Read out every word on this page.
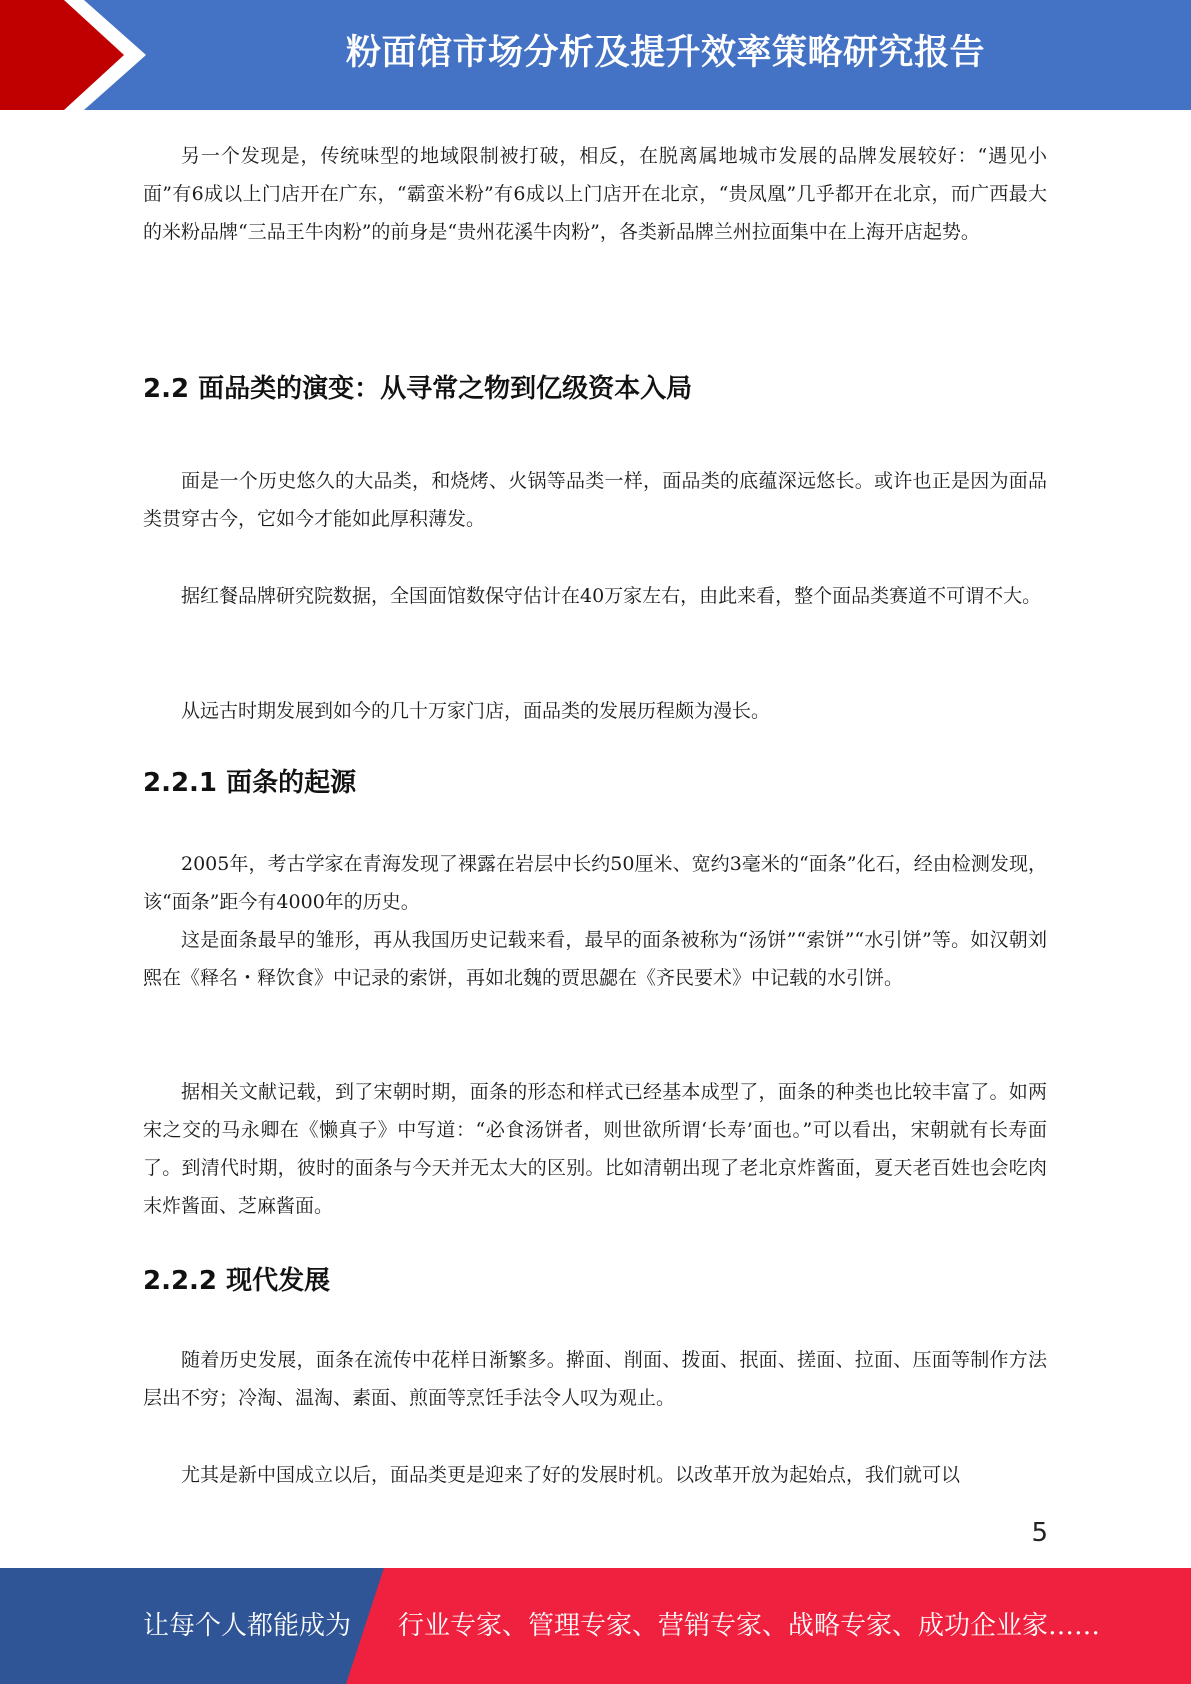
粉面馆市场分析及提升效率策略研究报告

另一个发现是，传统味型的地域限制被打破，相反，在脱离属地城市发展的品牌发展较好：“遇见小面”有6成以上门店开在广东，“霸蛮米粉”有6成以上门店开在北京，“贵凤凰”几乎都开在北京，而广西最大的米粉品牌“三品王牛肉粉”的前身是“贵州花溪牛肉粉”，各类新品牌兰州拉面集中在上海开店起势。

2.2 面品类的演变：从寻常之物到亿级资本入局

面是一个历史悠久的大品类，和烧烤、火锅等品类一样，面品类的底蕴深远悠长。或许也正是因为面品类贯穿古今，它如今才能如此厚积薄发。

据红餐品牌研究院数据，全国面馆数保守估计在40万家左右，由此来看，整个面品类赛道不可谓不大。

从远古时期发展到如今的几十万家门店，面品类的发展历程颇为漫长。

2.2.1 面条的起源

2005年，考古学家在青海发现了裸露在岩层中长约50厘米、宽约3毫米的“面条”化石，经由检测发现，该“面条”距今有4000年的历史。

这是面条最早的雏形，再从我国历史记载来看，最早的面条被称为“汤饼”“索饼”“水引饼”等。如汉朝刘熙在《释名・释饮食》中记录的索饼，再如北魏的贾思勰在《齐民要术》中记载的水引饼。

据相关文献记载，到了宋朝时期，面条的形态和样式已经基本成型了，面条的种类也比较丰富了。如两宋之交的马永卿在《懒真子》中写道：“必食汤饼者，则世欲所谓‘长寿’面也。”可以看出，宋朝就有长寿面了。到清代时期，彼时的面条与今天并无太大的区别。比如清朝出现了老北京炸酱面，夏天老百姓也会吃肉末炸酱面、芝麻酱面。

2.2.2 现代发展

随着历史发展，面条在流传中花样日渐繁多。擀面、削面、拨面、抿面、搓面、拉面、压面等制作方法层出不穷；冷淘、温淘、素面、煎面等烹饪手法令人叹为观止。

尤其是新中国成立以后，面品类更是迎来了好的发展时机。以改革开放为起始点，我们就可以

5
让每个人都能成为 行业专家、管理专家、营销专家、战略专家、成功企业家……
